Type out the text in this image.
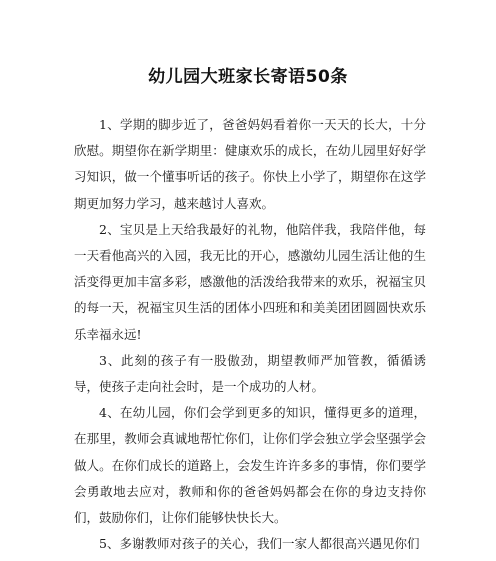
幼儿园大班家长寄语50条

1、学期的脚步近了，爸爸妈妈看着你一天天的长大，十分欣慰。期望你在新学期里：健康欢乐的成长，在幼儿园里好好学习知识，做一个懂事听话的孩子。你快上小学了，期望你在这学期更加努力学习，越来越讨人喜欢。

2、宝贝是上天给我最好的礼物，他陪伴我，我陪伴他，每一天看他高兴的入园，我无比的开心，感激幼儿园生活让他的生活变得更加丰富多彩，感激他的活泼给我带来的欢乐，祝福宝贝的每一天，祝福宝贝生活的团体小四班和和美美团团圆圆快欢乐乐幸福永远!

3、此刻的孩子有一股傲劲，期望教师严加管教，循循诱导，使孩子走向社会时，是一个成功的人材。

4、在幼儿园，你们会学到更多的知识，懂得更多的道理，在那里，教师会真诚地帮忙你们，让你们学会独立学会坚强学会做人。在你们成长的道路上，会发生许许多多的事情，你们要学会勇敢地去应对，教师和你的爸爸妈妈都会在你的身边支持你们，鼓励你们，让你们能够快快长大。

5、多谢教师对孩子的关心，我们一家人都很高兴遇见你们
